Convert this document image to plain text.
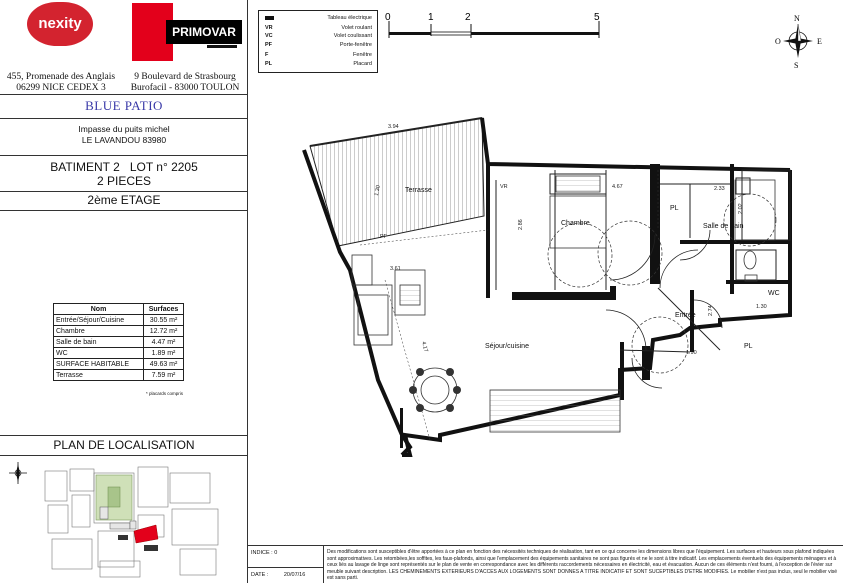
nexity	PRIMOVAR
455, Promenade des Anglais
06299 NICE CEDEX 3
9 Boulevard de Strasbourg
Burofacil - 83000 TOULON
BLUE PATIO
Impasse du puits michel
LE LAVANDOU 83980
BATIMENT 2 LOT n° 2205
2 PIECES
2ème ETAGE
Nom	Surfaces
Entrée/Séjour/Cuisine	30.55 m²
Chambre	12.72 m²
Salle de bain	4.47 m²
WC	1.89 m²
SURFACE HABITABLE	49.63 m²
Terrasse	7.59 m²
* placards compris
PLAN DE LOCALISATION
Tableau électrique
VR	Volet roulant
VC	Volet coulissant
PF	Porte-fenêtre
F	Fenêtre
PL	Placard
0	1	2	5	N
S
E
O
3.94
1.30
2.86
4.67	2.33
2.02
3.61
1.30
2.74
1.90
4.17
VR
PF
Terrasse
Chambre
Séjour/cuisine
Entrée
Salle de bain
WC
PL
PL
INDICE : 0
DATE :	20/07/16
Des modifications sont susceptibles d'être apportées à ce plan en fonction des nécessités techniques de réalisation, tant en ce qui concerne les dimensions libres que l'équipement. Les surfaces et hauteurs sous plafond indiquées sont approximatives. Les retombées,les soffites, les faux-plafonds, ainsi que l'emplacement des équipements sanitaires ne sont pas figurés et ne le sont à titre indicatif. Les emplacements éventuels des équipements ménagers et à ceux liés au lavage de linge sont représentés sur le plan de vente en correspondance avec les différents raccordements nécessaires en électricité, eau et évacuation. Aucun de ces éléments n'est fourni, à l'exception de l'évier sur meuble suivant description. LES CHEMINEMENTS EXTERIEURS D'ACCES AUX LOGEMENTS SONT DONNES A TITRE INDICATIF ET SONT SUCEPTIBLES D'ETRE MODIFIES. Le mobilier n'est pas inclus, seul le mobilier visé est sans parti.
